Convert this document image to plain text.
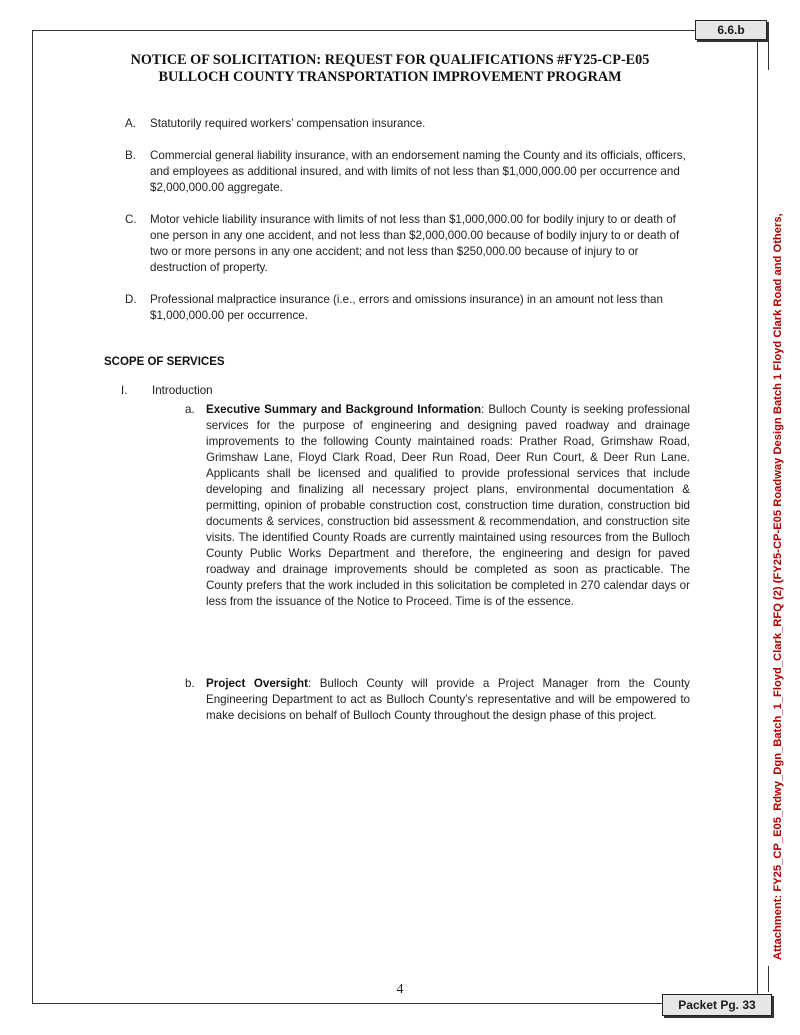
6.6.b
Packet Pg. 33
Attachment: FY25_CP_E05_Rdwy_Dgn_Batch_1_Floyd_Clark_RFQ (2) (FY25-CP-E05 Roadway Design Batch 1 Floyd Clark Road and Others,
NOTICE OF SOLICITATION: REQUEST FOR QUALIFICATIONS #FY25-CP-E05
BULLOCH COUNTY TRANSPORTATION IMPROVEMENT PROGRAM
A. Statutorily required workers’ compensation insurance.
B. Commercial general liability insurance, with an endorsement naming the County and its officials, officers, and employees as additional insured, and with limits of not less than $1,000,000.00 per occurrence and $2,000,000.00 aggregate.
C. Motor vehicle liability insurance with limits of not less than $1,000,000.00 for bodily injury to or death of one person in any one accident, and not less than $2,000,000.00 because of bodily injury to or death of two or more persons in any one accident; and not less than $250,000.00 because of injury to or destruction of property.
D. Professional malpractice insurance (i.e., errors and omissions insurance) in an amount not less than $1,000,000.00 per occurrence.
SCOPE OF SERVICES
I. Introduction
a. Executive Summary and Background Information: Bulloch County is seeking professional services for the purpose of engineering and designing paved roadway and drainage improvements to the following County maintained roads: Prather Road, Grimshaw Road, Grimshaw Lane, Floyd Clark Road, Deer Run Road, Deer Run Court, & Deer Run Lane. Applicants shall be licensed and qualified to provide professional services that include developing and finalizing all necessary project plans, environmental documentation & permitting, opinion of probable construction cost, construction time duration, construction bid documents & services, construction bid assessment & recommendation, and construction site visits. The identified County Roads are currently maintained using resources from the Bulloch County Public Works Department and therefore, the engineering and design for paved roadway and drainage improvements should be completed as soon as practicable. The County prefers that the work included in this solicitation be completed in 270 calendar days or less from the issuance of the Notice to Proceed. Time is of the essence.
b. Project Oversight: Bulloch County will provide a Project Manager from the County Engineering Department to act as Bulloch County’s representative and will be empowered to make decisions on behalf of Bulloch County throughout the design phase of this project.
4
